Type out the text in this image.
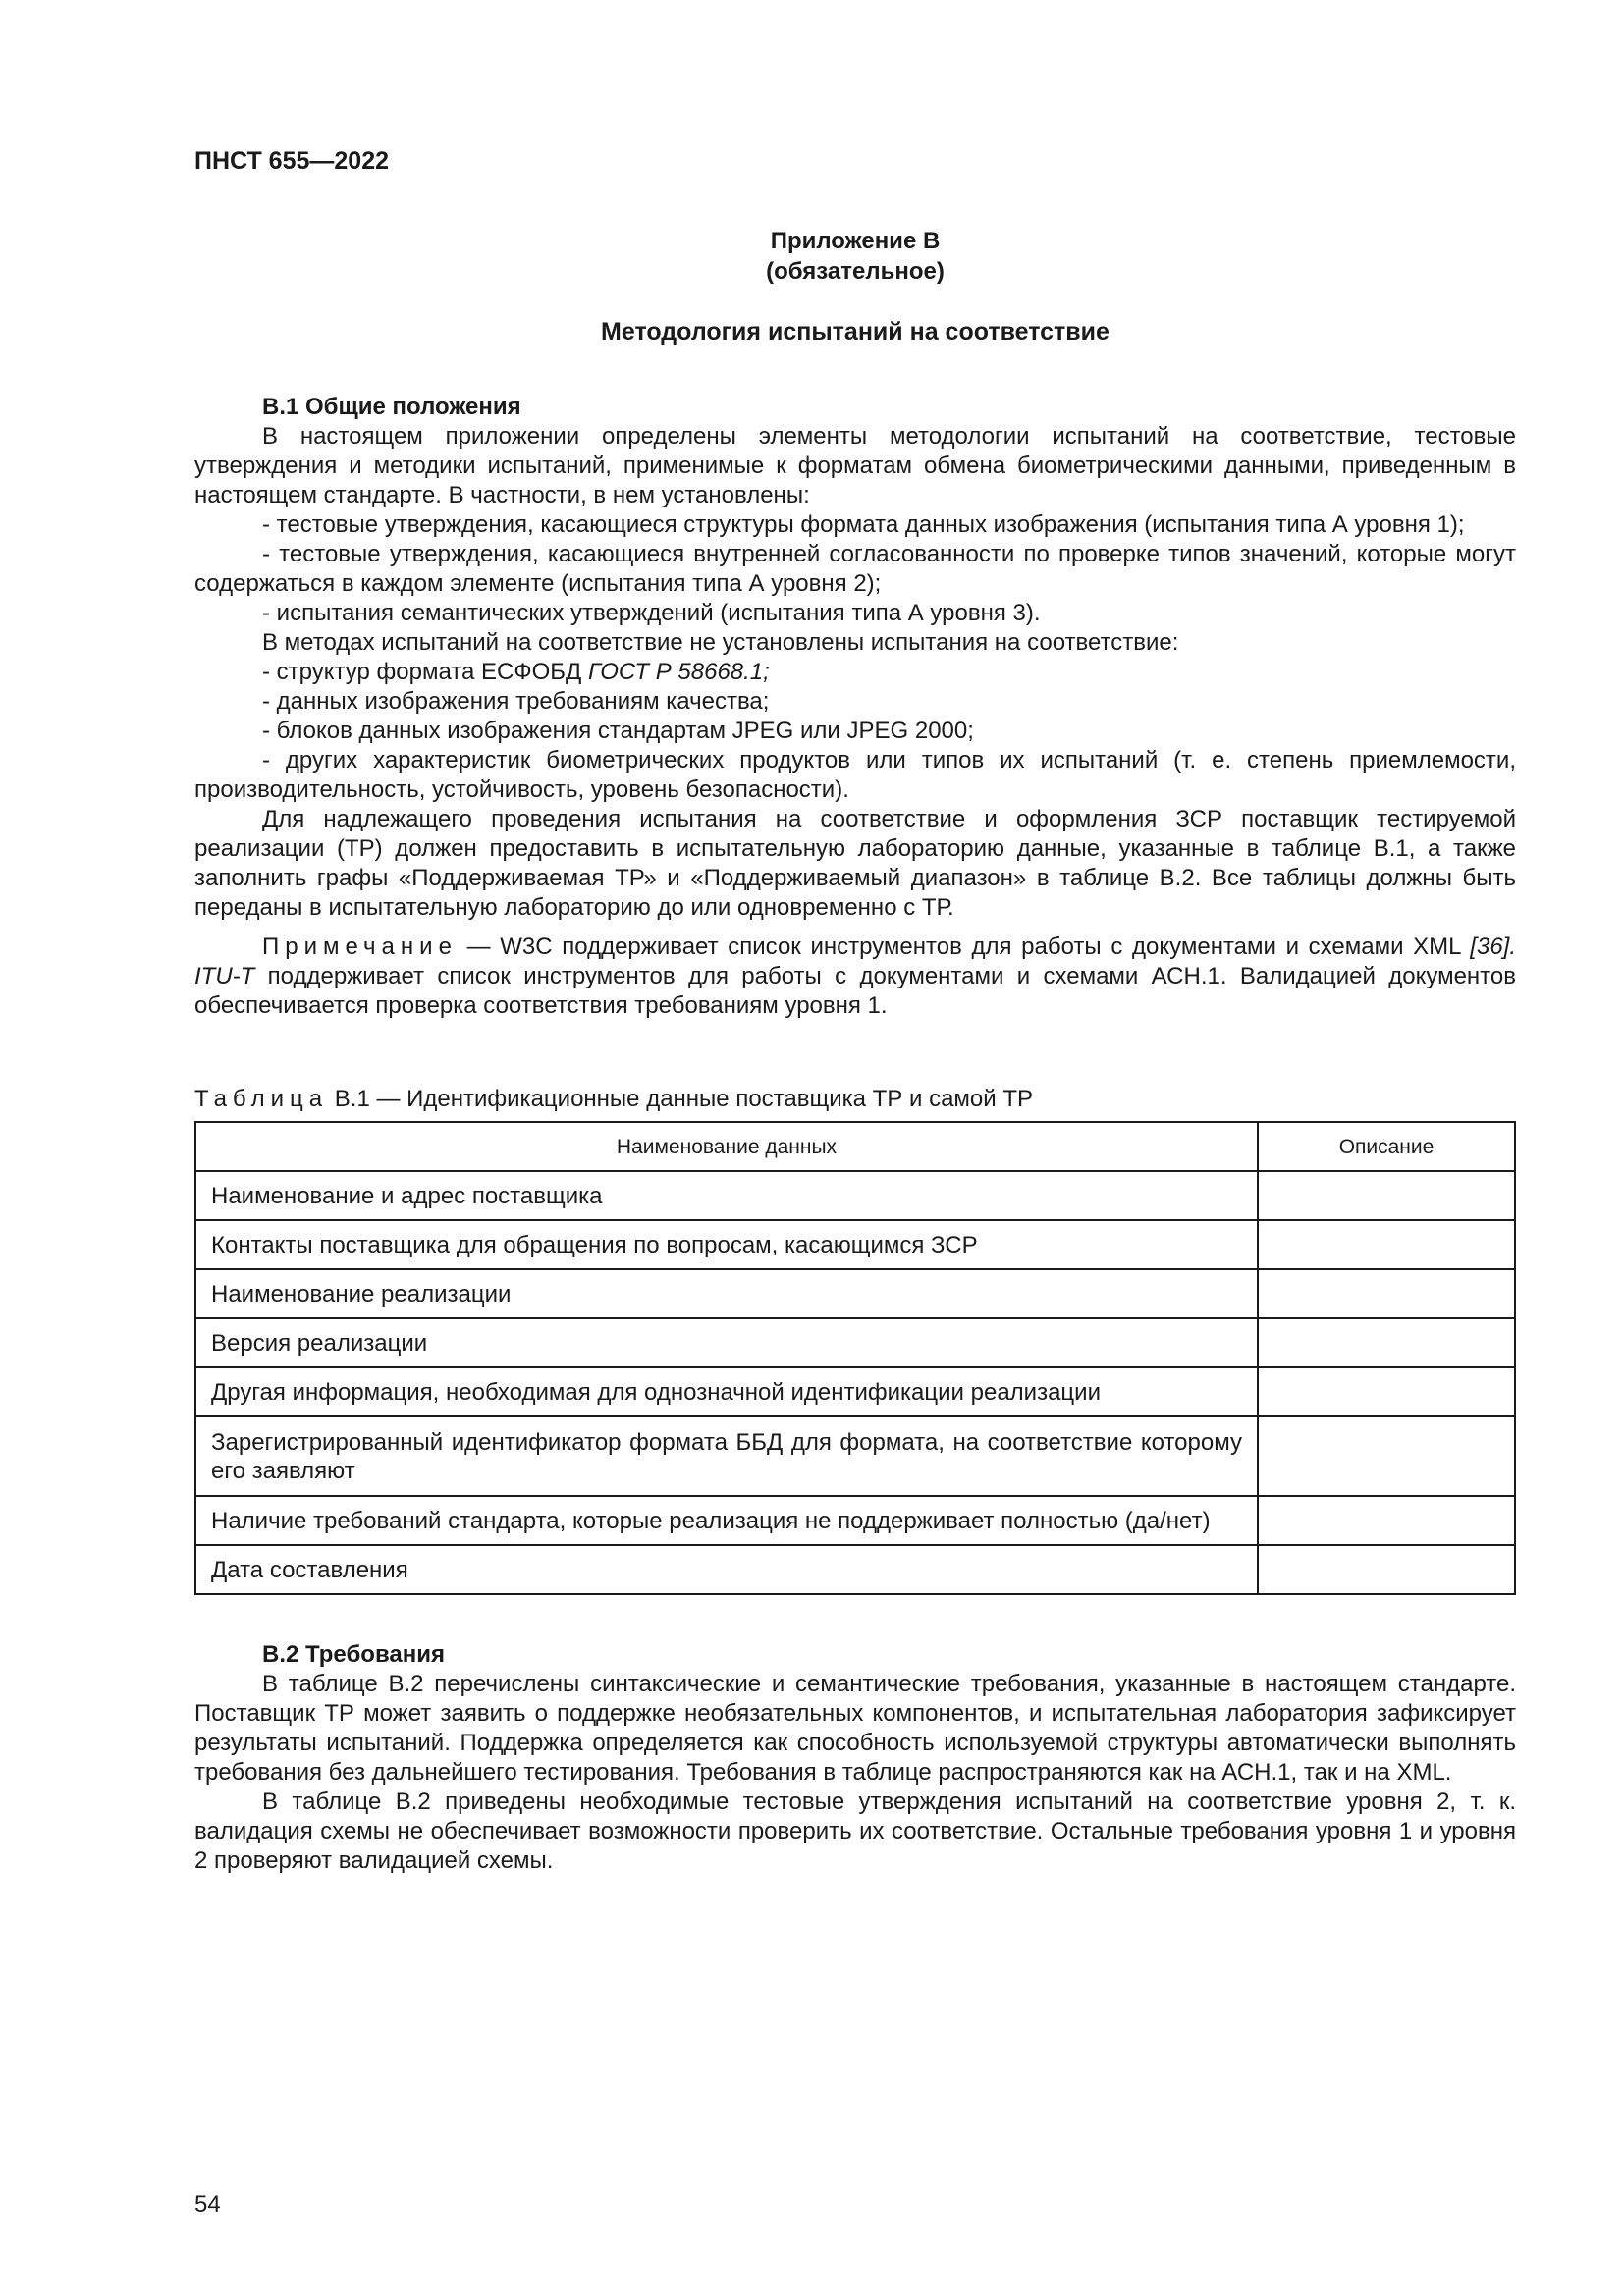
ПНСТ 655—2022
Приложение В
(обязательное)
Методология испытаний на соответствие

В.1 Общие положения

В настоящем приложении определены элементы методологии испытаний на соответствие, тестовые утверждения и методики испытаний, применимые к форматам обмена биометрическими данными, приведенным в настоящем стандарте. В частности, в нем установлены:

- тестовые утверждения, касающиеся структуры формата данных изображения (испытания типа А уровня 1);

- тестовые утверждения, касающиеся внутренней согласованности по проверке типов значений, которые могут содержаться в каждом элементе (испытания типа А уровня 2);

- испытания семантических утверждений (испытания типа А уровня 3).

В методах испытаний на соответствие не установлены испытания на соответствие:

- структур формата ЕСФОБД ГОСТ Р 58668.1;

- данных изображения требованиям качества;

- блоков данных изображения стандартам JPEG или JPEG 2000;

- других характеристик биометрических продуктов или типов их испытаний (т. е. степень приемлемости, производительность, устойчивость, уровень безопасности).

Для надлежащего проведения испытания на соответствие и оформления ЗСР поставщик тестируемой реализации (ТР) должен предоставить в испытательную лабораторию данные, указанные в таблице В.1, а также заполнить графы «Поддерживаемая ТР» и «Поддерживаемый диапазон» в таблице В.2. Все таблицы должны быть переданы в испытательную лабораторию до или одновременно с ТР.

Примечание — W3C поддерживает список инструментов для работы с документами и схемами XML [36]. ITU-T поддерживает список инструментов для работы с документами и схемами АСН.1. Валидацией документов обеспечивается проверка соответствия требованиям уровня 1.

Таблица В.1 — Идентификационные данные поставщика ТР и самой ТР
Наименование данных	Описание
Наименование и адрес поставщика	
Контакты поставщика для обращения по вопросам, касающимся ЗСР	
Наименование реализации	
Версия реализации	
Другая информация, необходимая для однозначной идентификации реализации	
Зарегистрированный идентификатор формата ББД для формата, на соответствие которому его заявляют	
Наличие требований стандарта, которые реализация не поддерживает полностью (да/нет)	
Дата составления	

В.2 Требования

В таблице В.2 перечислены синтаксические и семантические требования, указанные в настоящем стандарте. Поставщик ТР может заявить о поддержке необязательных компонентов, и испытательная лаборатория зафиксирует результаты испытаний. Поддержка определяется как способность используемой структуры автоматически выполнять требования без дальнейшего тестирования. Требования в таблице распространяются как на АСН.1, так и на XML.

В таблице В.2 приведены необходимые тестовые утверждения испытаний на соответствие уровня 2, т. к. валидация схемы не обеспечивает возможности проверить их соответствие. Остальные требования уровня 1 и уровня 2 проверяют валидацией схемы.

54
